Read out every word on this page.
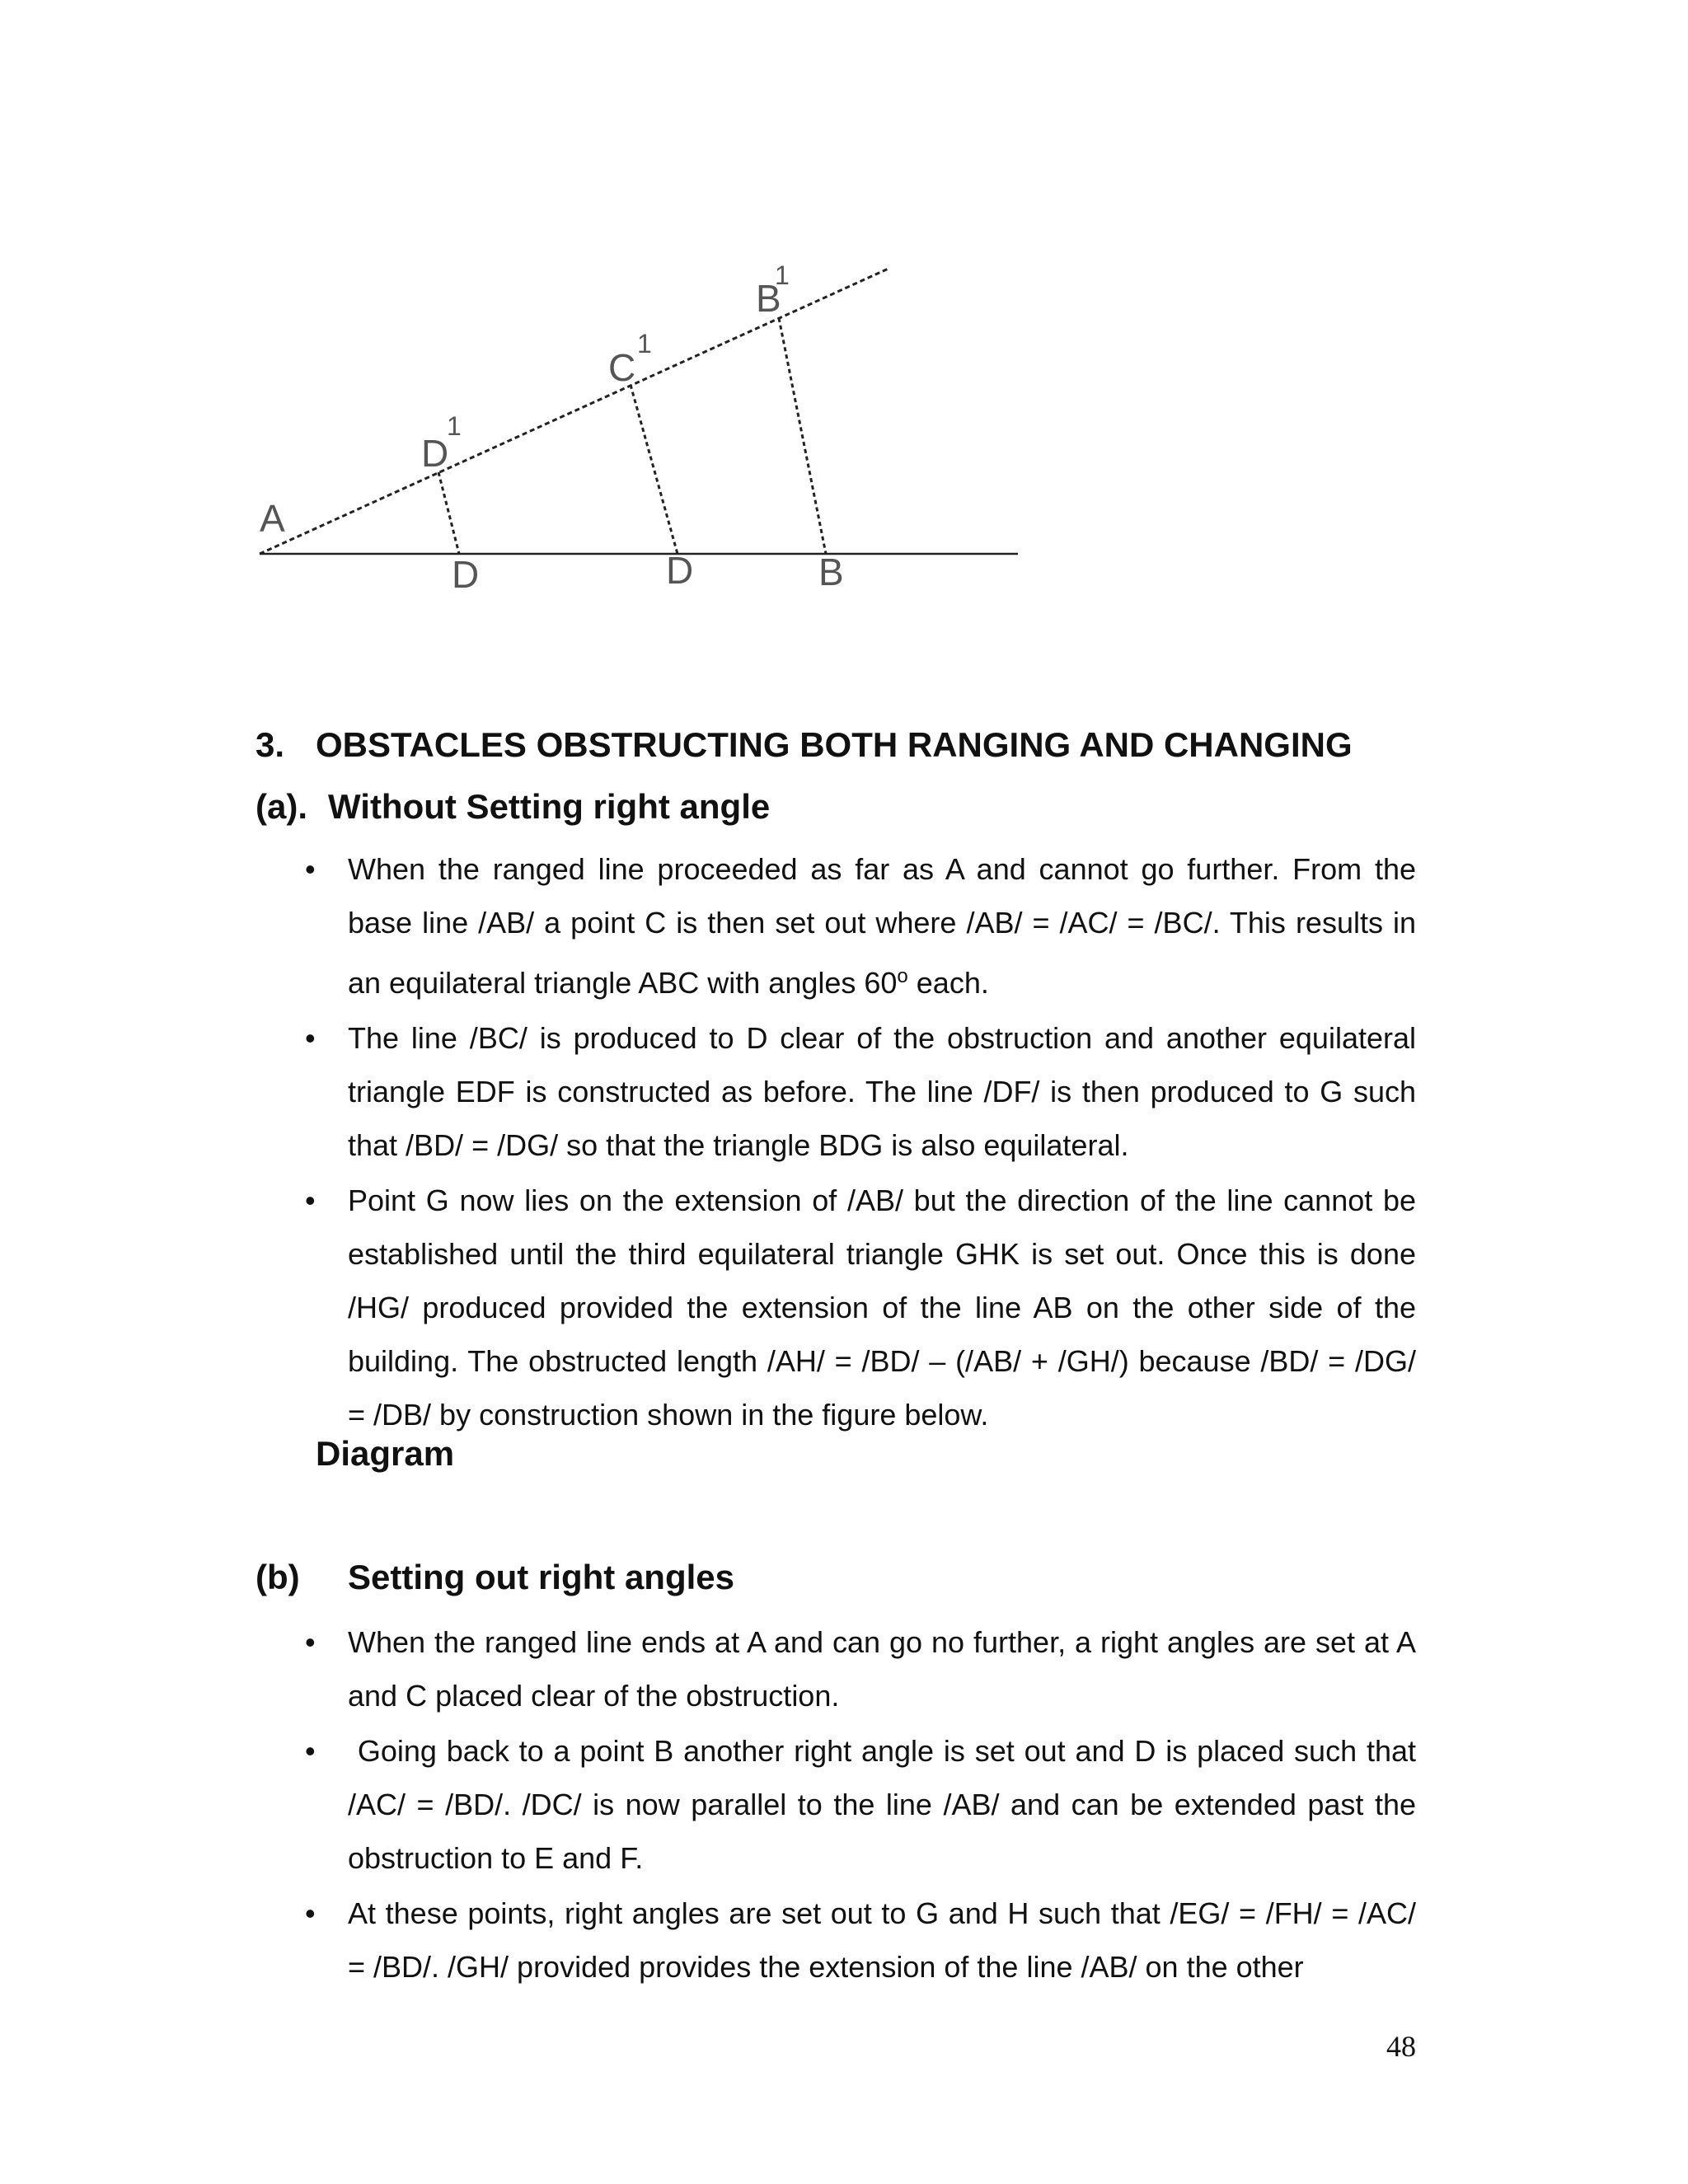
A
D	D	B
D
1
C
1
B
1
3. OBSTACLES OBSTRUCTING BOTH RANGING AND CHANGING
(a). Without Setting right angle
• When the ranged line proceeded as far as A and cannot go further. From the base line /AB/ a point C is then set out where /AB/ = /AC/ = /BC/. This results in an equilateral triangle ABC with angles 60$^o$ each.
• The line /BC/ is produced to D clear of the obstruction and another equilateral triangle EDF is constructed as before. The line /DF/ is then produced to G such that /BD/ = /DG/ so that the triangle BDG is also equilateral.
• Point G now lies on the extension of /AB/ but the direction of the line cannot be established until the third equilateral triangle GHK is set out. Once this is done /HG/ produced provided the extension of the line AB on the other side of the building. The obstructed length /AH/ = /BD/ – (/AB/ + /GH/) because /BD/ = /DG/ = /DB/ by construction shown in the figure below.
Diagram
(b) Setting out right angles
• When the ranged line ends at A and can go no further, a right angles are set at A and C placed clear of the obstruction.
•  Going back to a point B another right angle is set out and D is placed such that /AC/ = /BD/. /DC/ is now parallel to the line /AB/ and can be extended past the obstruction to E and F.
• At these points, right angles are set out to G and H such that /EG/ = /FH/ = /AC/ = /BD/. /GH/ provided provides the extension of the line /AB/ on the other
48
